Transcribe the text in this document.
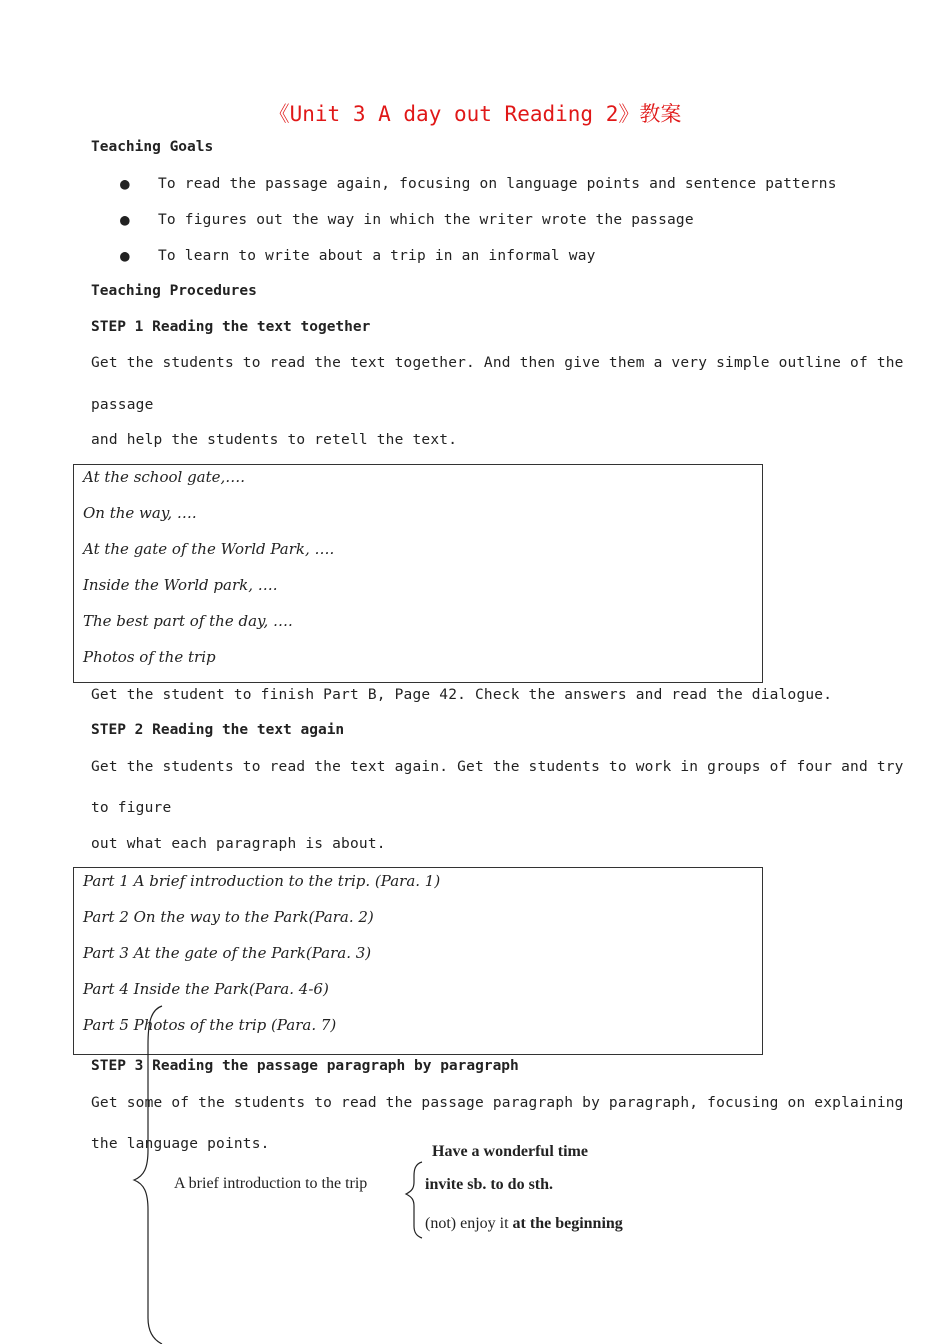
《Unit 3 A day out Reading 2》教案
Teaching Goals
● To read the passage again, focusing on language points and sentence patterns
● To figures out the way in which the writer wrote the passage
● To learn to write about a trip in an informal way
Teaching Procedures
STEP 1 Reading the text together
Get the students to read the text together. And then give them a very simple outline of the
passage
and help the students to retell the text.
At the school gate,….
On the way, ….
At the gate of the World Park, ….
Inside the World park, ….
The best part of the day, ….
Photos of the trip
Get the student to finish Part B, Page 42. Check the answers and read the dialogue.
STEP 2 Reading the text again
Get the students to read the text again. Get the students to work in groups of four and try
to figure
out what each paragraph is about.
Part 1 A brief introduction to the trip. (Para. 1)
Part 2 On the way to the Park(Para. 2)
Part 3 At the gate of the Park(Para. 3)
Part 4 Inside the Park(Para. 4-6)
Part 5 Photos of the trip (Para. 7)
STEP 3 Reading the passage paragraph by paragraph
Get some of the students to read the passage paragraph by paragraph, focusing on explaining
the language points.
A brief introduction to the trip
Have a wonderful time
invite sb. to do sth.
(not) enjoy it at the beginning
